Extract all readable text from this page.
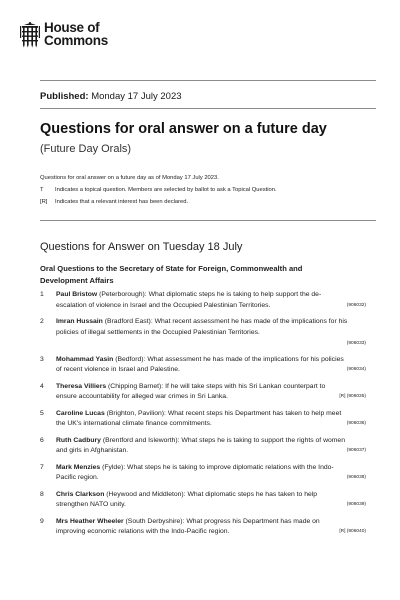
House of
Commons
Published: Monday 17 July 2023
Questions for oral answer on a future day
(Future Day Orals)
Questions for oral answer on a future day as of Monday 17 July 2023.
T	Indicates a topical question. Members are selected by ballot to ask a Topical Question.
[R]	Indicates that a relevant interest has been declared.
Questions for Answer on Tuesday 18 July
Oral Questions to the Secretary of State for Foreign, Commonwealth and Development Affairs
1
(906032)
Paul Bristow (Peterborough): What diplomatic steps he is taking to help support the de-escalation of violence in Israel and the Occupied Palestinian Territories.
2 Imran Hussain (Bradford East): What recent assessment he has made of the implications for his policies of illegal settlements in the Occupied Palestinian Territories.
(906033)
3
(906034)
Mohammad Yasin (Bedford): What assessment he has made of the implications for his policies of recent violence in Israel and Palestine.
4
[R] (906035)
Theresa Villiers (Chipping Barnet): If he will take steps with his Sri Lankan counterpart to ensure accountability for alleged war crimes in Sri Lanka.
5
(906036)
Caroline Lucas (Brighton, Pavilion): What recent steps his Department has taken to help meet the UK's international climate finance commitments.
6
(906037)
Ruth Cadbury (Brentford and Isleworth): What steps he is taking to support the rights of women and girls in Afghanistan.
7
(906038)
Mark Menzies (Fylde): What steps he is taking to improve diplomatic relations with the Indo-Pacific region.
8
(906039)
Chris Clarkson (Heywood and Middleton): What diplomatic steps he has taken to help strengthen NATO unity.
9
[R] (906040)
Mrs Heather Wheeler (South Derbyshire): What progress his Department has made on improving economic relations with the Indo-Pacific region.
